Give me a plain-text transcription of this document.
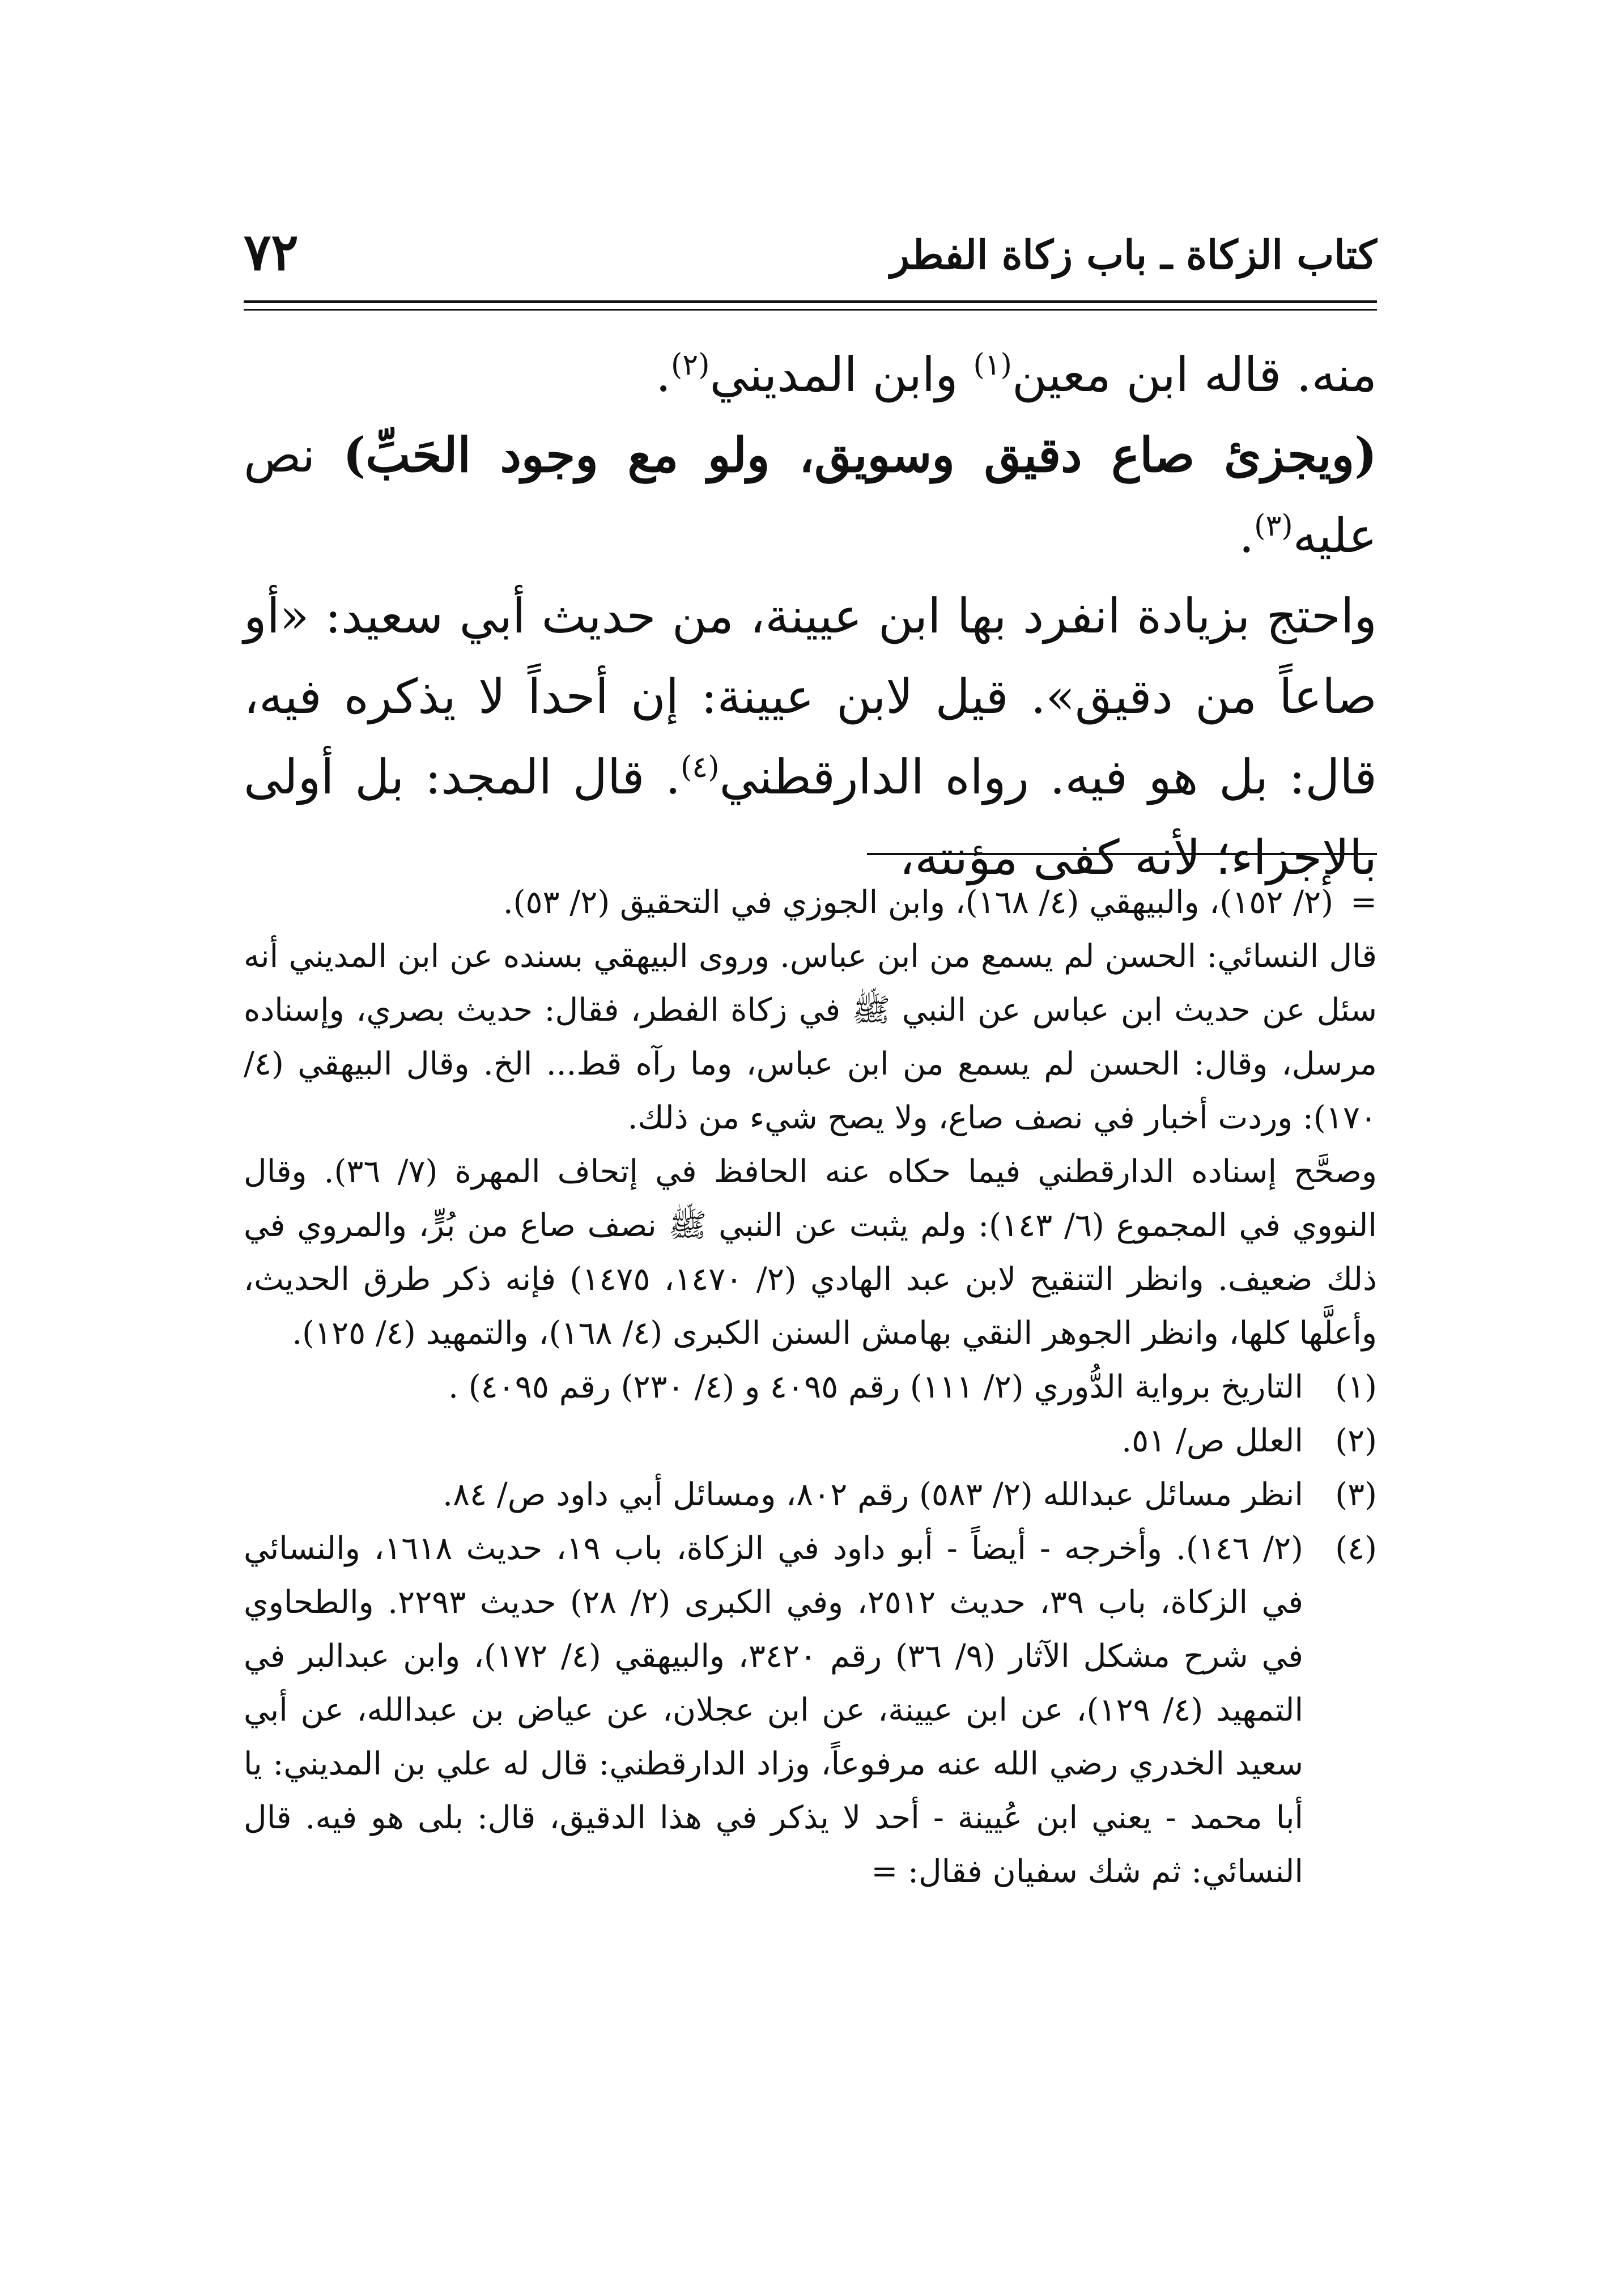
كتاب الزكاة ـ باب زكاة الفطر
٧٢

منه. قاله ابن معين$^{(١)}$ وابن المديني$^{(٢)}$.

(ويجزئ صاع دقيق وسويق، ولو مع وجود الحَبِّ) نص عليه$^{(٣)}$.

واحتج بزيادة انفرد بها ابن عيينة، من حديث أبي سعيد: «أو صاعاً من دقيق». قيل لابن عيينة: إن أحداً لا يذكره فيه، قال: بل هو فيه. رواه الدارقطني$^{(٤)}$. قال المجد: بل أولى بالإجزاء؛ لأنه كفى مؤنته،

=(٢/ ١٥٢)، والبيهقي (٤/ ١٦٨)، وابن الجوزي في التحقيق (٢/ ٥٣).

قال النسائي: الحسن لم يسمع من ابن عباس. وروى البيهقي بسنده عن ابن المديني أنه سئل عن حديث ابن عباس عن النبي ﷺ في زكاة الفطر، فقال: حديث بصري، وإسناده مرسل، وقال: الحسن لم يسمع من ابن عباس، وما رآه قط... الخ. وقال البيهقي (٤/ ١٧٠): وردت أخبار في نصف صاع، ولا يصح شيء من ذلك.

وصحَّح إسناده الدارقطني فيما حكاه عنه الحافظ في إتحاف المهرة (٧/ ٣٦). وقال النووي في المجموع (٦/ ١٤٣): ولم يثبت عن النبي ﷺ نصف صاع من بُرٍّ، والمروي في ذلك ضعيف. وانظر التنقيح لابن عبد الهادي (٢/ ١٤٧٠، ١٤٧٥) فإنه ذكر طرق الحديث، وأعلَّها كلها، وانظر الجوهر النقي بهامش السنن الكبرى (٤/ ١٦٨)، والتمهيد (٤/ ١٢٥).

(١)
التاريخ برواية الدُّوري (٢/ ١١١) رقم ٤٠٩٥ و (٤/ ٢٣٠) رقم ٤٠٩٥) .
(٢)
العلل ص/ ٥١.
(٣)
انظر مسائل عبدالله (٢/ ٥٨٣) رقم ٨٠٢، ومسائل أبي داود ص/ ٨٤.
(٤)
(٢/ ١٤٦). وأخرجه - أيضاً - أبو داود في الزكاة، باب ١٩، حديث ١٦١٨، والنسائي في الزكاة، باب ٣٩، حديث ٢٥١٢، وفي الكبرى (٢/ ٢٨) حديث ٢٢٩٣. والطحاوي في شرح مشكل الآثار (٩/ ٣٦) رقم ٣٤٢٠، والبيهقي (٤/ ١٧٢)، وابن عبدالبر في التمهيد (٤/ ١٢٩)، عن ابن عيينة، عن ابن عجلان، عن عياض بن عبدالله، عن أبي سعيد الخدري رضي الله عنه مرفوعاً، وزاد الدارقطني: قال له علي بن المديني: يا أبا محمد - يعني ابن عُيينة - أحد لا يذكر في هذا الدقيق، قال: بلى هو فيه. قال النسائي: ثم شك سفيان فقال: =
